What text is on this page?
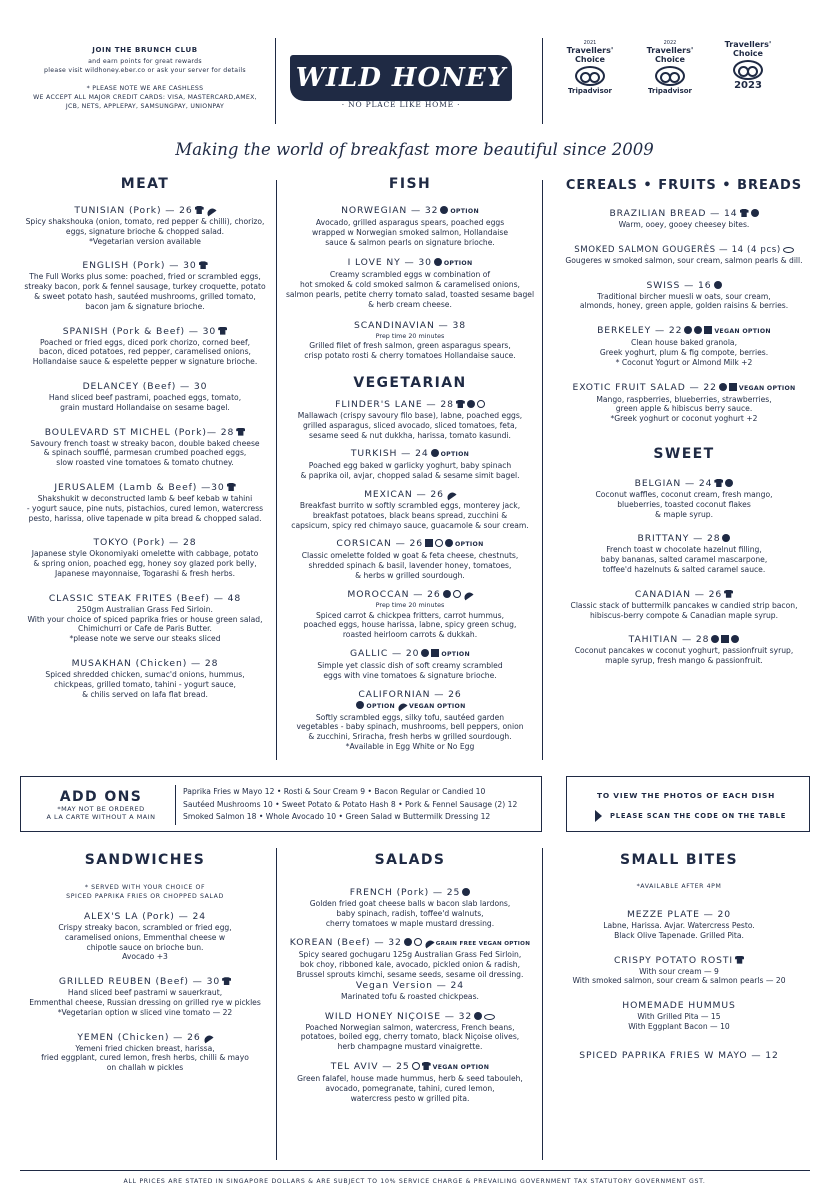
JOIN THE BRUNCH CLUB
and earn points for great rewards
please visit wildhoney.eber.co or ask your server for details
* PLEASE NOTE WE ARE CASHLESS
WE ACCEPT ALL MAJOR CREDIT CARDS: VISA, MASTERCARD,AMEX,
JCB, NETS, APPLEPAY, SAMSUNGPAY, UNIONPAY
WILD HONEY
· NO PLACE LIKE HOME ·
2021
Travellers'
Choice
Tripadvisor
2022
Travellers'
Choice
Tripadvisor
Travellers'
Choice
2023
Making the world of breakfast more beautiful since 2009
MEAT
TUNISIAN (Pork) — 26
Spicy shakshouka (onion, tomato, red pepper & chilli), chorizo,
eggs, signature brioche & chopped salad.
*Vegetarian version available
ENGLISH (Pork) — 30
The Full Works plus some: poached, fried or scrambled eggs,
streaky bacon, pork & fennel sausage, turkey croquette, potato
& sweet potato hash, sautéed mushrooms, grilled tomato,
bacon jam & signature brioche.
SPANISH (Pork & Beef) — 30
Poached or fried eggs, diced pork chorizo, corned beef,
bacon, diced potatoes, red pepper, caramelised onions,
Hollandaise sauce & espelette pepper w signature brioche.
DELANCEY (Beef) — 30
Hand sliced beef pastrami, poached eggs, tomato,
grain mustard Hollandaise on sesame bagel.
BOULEVARD ST MICHEL (Pork)— 28
Savoury french toast w streaky bacon, double baked cheese
& spinach soufflé, parmesan crumbed poached eggs,
slow roasted vine tomatoes & tomato chutney.
JERUSALEM (Lamb & Beef) —30
Shakshukit w deconstructed lamb & beef kebab w tahini
- yogurt sauce, pine nuts, pistachios, cured lemon, watercress
pesto, harissa, olive tapenade w pita bread & chopped salad.
TOKYO (Pork) — 28
Japanese style Okonomiyaki omelette with cabbage, potato
& spring onion, poached egg, honey soy glazed pork belly,
Japanese mayonnaise, Togarashi & fresh herbs.
CLASSIC STEAK FRITES (Beef) — 48
250gm Australian Grass Fed Sirloin.
With your choice of spiced paprika fries or house green salad,
Chimichurri or Cafe de Paris Butter.
*please note we serve our steaks sliced
MUSAKHAN (Chicken) — 28
Spiced shredded chicken, sumac'd onions, hummus,
chickpeas, grilled tomato, tahini - yogurt sauce,
& chilis served on lafa flat bread.
FISH
NORWEGIAN — 32 OPTION
Avocado, grilled asparagus spears, poached eggs
wrapped w Norwegian smoked salmon, Hollandaise
sauce & salmon pearls on signature brioche.
I LOVE NY — 30 OPTION
Creamy scrambled eggs w combination of
hot smoked & cold smoked salmon & caramelised onions,
salmon pearls, petite cherry tomato salad, toasted sesame bagel
& herb cream cheese.
SCANDINAVIAN — 38
Prep time 20 minutes
Grilled filet of fresh salmon, green asparagus spears,
crisp potato rosti & cherry tomatoes Hollandaise sauce.
VEGETARIAN
FLINDER'S LANE — 28
Mallawach (crispy savoury filo base), labne, poached eggs,
grilled asparagus, sliced avocado, sliced tomatoes, feta,
sesame seed & nut dukkha, harissa, tomato kasundi.
TURKISH — 24 OPTION
Poached egg baked w garlicky yoghurt, baby spinach
& paprika oil, avjar, chopped salad & sesame simit bagel.
MEXICAN — 26
Breakfast burrito w softly scrambled eggs, monterey jack,
breakfast potatoes, black beans spread, zucchini &
capsicum, spicy red chimayo sauce, guacamole & sour cream.
CORSICAN — 26	OPTION
Classic omelette folded w goat & feta cheese, chestnuts,
shredded spinach & basil, lavender honey, tomatoes,
& herbs w grilled sourdough.
MOROCCAN — 26
Prep time 20 minutes
Spiced carrot & chickpea fritters, carrot hummus,
poached eggs, house harissa, labne, spicy green schug,
roasted heirloom carrots & dukkah.
GALLIC — 20	OPTION
Simple yet classic dish of soft creamy scrambled
eggs with vine tomatoes & signature brioche.
CALIFORNIAN — 26
OPTION VEGAN OPTION
Softly scrambled eggs, silky tofu, sautéed garden
vegetables - baby spinach, mushrooms, bell peppers, onion
& zucchini, Sriracha, fresh herbs w grilled sourdough.
*Available in Egg White or No Egg
CEREALS • FRUITS • BREADS
BRAZILIAN BREAD — 14
Warm, ooey, gooey cheesey bites.
SMOKED SALMON GOUGERÈS — 14 (4 pcs)
Gougeres w smoked salmon, sour cream, salmon pearls & dill.
SWISS — 16
Traditional bircher muesli w oats, sour cream,
almonds, honey, green apple, golden raisins & berries.
BERKELEY — 22	VEGAN OPTION
Clean house baked granola,
Greek yoghurt, plum & fig compote, berries.
* Coconut Yogurt or Almond Milk +2
EXOTIC FRUIT SALAD — 22	VEGAN OPTION
Mango, raspberries, blueberries, strawberries,
green apple & hibiscus berry sauce.
*Greek yoghurt or coconut yoghurt +2
SWEET
BELGIAN — 24
Coconut waffles, coconut cream, fresh mango,
blueberries, toasted coconut flakes
& maple syrup.
BRITTANY — 28
French toast w chocolate hazelnut filling,
baby bananas, salted caramel mascarpone,
toffee'd hazelnuts & salted caramel sauce.
CANADIAN — 26
Classic stack of buttermilk pancakes w candied strip bacon,
hibiscus-berry compote & Canadian maple syrup.
TAHITIAN — 28
Coconut pancakes w coconut yoghurt, passionfruit syrup,
maple syrup, fresh mango & passionfruit.
ADD ONS
*MAY NOT BE ORDERED
A LA CARTE WITHOUT A MAIN
Paprika Fries w Mayo 12 • Rosti & Sour Cream 9 • Bacon Regular or Candied 10
Sautéed Mushrooms 10 • Sweet Potato & Potato Hash 8 • Pork & Fennel Sausage (2) 12
Smoked Salmon 18 • Whole Avocado 10 • Green Salad w Buttermilk Dressing 12
TO VIEW THE PHOTOS OF EACH DISH
PLEASE SCAN THE CODE ON THE TABLE
SANDWICHES
* SERVED WITH YOUR CHOICE OF
SPICED PAPRIKA FRIES OR CHOPPED SALAD
ALEX'S LA (Pork) — 24
Crispy streaky bacon, scrambled or fried egg,
caramelised onions, Emmenthal cheese w
chipotle sauce on brioche bun.
Avocado +3
GRILLED REUBEN (Beef) — 30
Hand sliced beef pastrami w sauerkraut,
Emmenthal cheese, Russian dressing on grilled rye w pickles
*Vegetarian option w sliced vine tomato — 22
YEMEN (Chicken) — 26
Yemeni fried chicken breast, harissa,
fried eggplant, cured lemon, fresh herbs, chilli & mayo
on challah w pickles
SALADS
FRENCH (Pork) — 25
Golden fried goat cheese balls w bacon slab lardons,
baby spinach, radish, toffee'd walnuts,
cherry tomatoes w maple mustard dressing.
KOREAN (Beef) — 32	GRAIN FREE VEGAN OPTION
Spicy seared gochugaru 125g Australian Grass Fed Sirloin,
bok choy, ribboned kale, avocado, pickled onion & radish,
Brussel sprouts kimchi, sesame seeds, sesame oil dressing.
Vegan Version — 24
Marinated tofu & roasted chickpeas.
WILD HONEY NIÇOISE — 32
Poached Norwegian salmon, watercress, French beans,
potatoes, boiled egg, cherry tomato, black Niçoise olives,
herb champagne mustard vinaigrette.
TEL AVIV — 25	VEGAN OPTION
Green falafel, house made hummus, herb & seed tabouleh,
avocado, pomegranate, tahini, cured lemon,
watercress pesto w grilled pita.
SMALL BITES
*AVAILABLE AFTER 4PM
MEZZE PLATE — 20
Labne, Harissa. Avjar. Watercress Pesto.
Black Olive Tapenade. Grilled Pita.
CRISPY POTATO ROSTI
With sour cream — 9
With smoked salmon, sour cream & salmon pearls — 20
HOMEMADE HUMMUS
With Grilled Pita — 15
With Eggplant Bacon — 10
SPICED PAPRIKA FRIES W MAYO — 12
ALL PRICES ARE STATED IN SINGAPORE DOLLARS & ARE SUBJECT TO 10% SERVICE CHARGE & PREVAILING GOVERNMENT TAX STATUTORY GOVERNMENT GST.
